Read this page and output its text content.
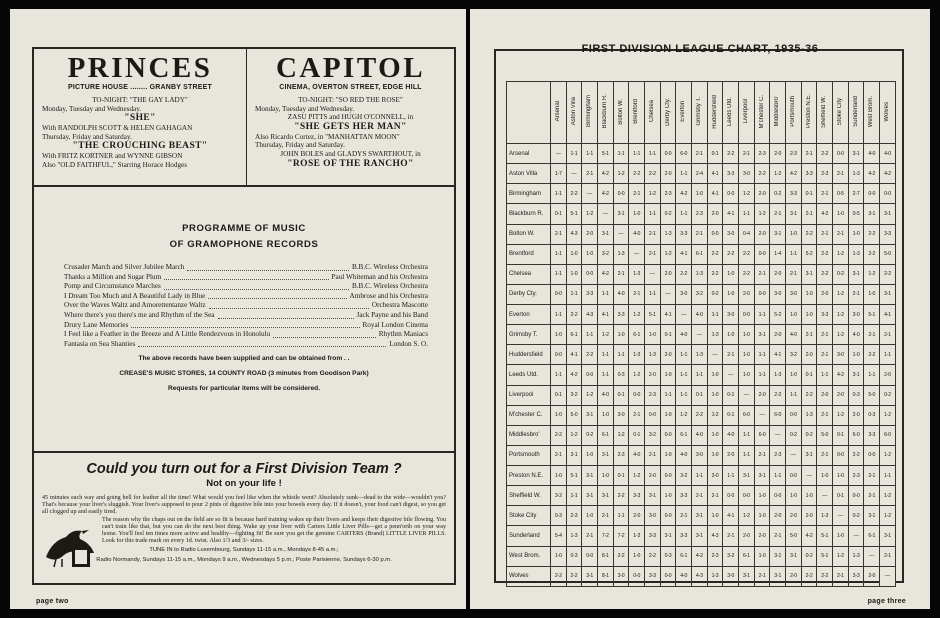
PRINCES
PICTURE HOUSE ........ GRANBY STREET
TO-NIGHT: "THE GAY LADY"
Monday, Tuesday and Wednesday.
"SHE"
With RANDOLPH SCOTT & HELEN GAHAGAN
Thursday, Friday and Saturday.
"THE CROUCHING BEAST"
With FRITZ KORTNER and WYNNE GIBSON
Also "OLD FAITHFUL," Starring Horace Hodges
CAPITOL
CINEMA, OVERTON STREET, EDGE HILL
TO-NIGHT: "SO RED THE ROSE"
Monday, Tuesday and Wednesday.
ZASU PITTS and HUGH O'CONNELL, in
"SHE GETS HER MAN"
Also Ricardo Cortez, in "MANHATTAN MOON"
Thursday, Friday and Saturday.
JOHN BOLES and GLADYS SWARTHOUT, in
"ROSE OF THE RANCHO"
PROGRAMME OF MUSIC
OF GRAMOPHONE RECORDS
Crusader March and Silver Jubilee March	B.B.C. Wireless Orchestra
Thanks a Million and Sugar Plum	Paul Whiteman and his Orchestra
Pomp and Circumstance Marches	B.B.C. Wireless Orchestra
I Dream Too Much and A Beautiful Lady in Blue	Ambrose and his Orchestra
Over the Waves Waltz and Amorettentanze Waltz	Orchestra Mascotte
Where there's you there's me and Rhythm of the Sea	Jack Payne and his Band
Drury Lane Memories	Royal London Cinema
I Feel like a Feather in the Breeze and A Little Rendezvous in Honolulu	Rhythm Maniacs
Fantasia on Sea Shanties	London S. O.
The above records have been supplied and can be obtained from . .
CREASE'S MUSIC STORES, 14 COUNTY ROAD (3 minutes from Goodison Park)
Requests for particular items will be considered.
Could you turn out for a First Division Team ?
Not on your life !
45 minutes each way and going hell for leather all the time! What would you feel like when the whistle went? Absolutely sunk—dead to the wide—wouldn't you? That's because your liver's sluggish. Your liver's supposed to pour 2 pints of digestive bile into your bowels every day. If it doesn't, your food can't digest, so you get all clogged up and easily tired.
The reason why the chaps out on the field are so fit is because hard training wakes up their livers and keeps their digestive bile flowing. You can't train like that, but you can do the next best thing. Wake up your liver with Carters Little Liver Pills—get a penn'orth on your way home. You'll feel ten times more active and healthy—fighting fit! Be sure you get the genuine CARTERS (Brand) LITTLE LIVER PILLS. Look for this trade mark on every 1d. twist. Also 1/3 and 3/- sizes.
TUNE IN to Radio Luxembourg, Sundays 11-15 a.m., Mondays 8-45 a.m.;
Radio Normandy, Sundays 11-15 a.m., Mondays 9 a.m., Wednesdays 5 p.m.; Poste Parisienne, Sundays 6-30 p.m.
page two
FIRST DIVISION LEAGUE CHART, 1935-36
	Arsenal	Aston Villa	Birmingham	Blackburn R.	Bolton W.	Brentford	Chelsea	Derby Cty.	Everton	Grimsby T.	Huddersfield	Leeds Utd.	Liverpool	M'chester C.	Middlesbro'	Portsmouth	Preston N.E.	Sheffield W.	Stoke City	Sunderland	West Brom.	Wolves
Arsenal	—	1-1	1-1	5-1	1-1	1-1	1-1	0-0	6-0	2-1	0-1	2-2	2-1	2-3	2-0	2-3	2-1	2-2	0-0	3-1	4-0	4-0
Aston Villa	1-7	—	2-1	4-2	1-2	2-2	2-2	2-0	1-1	2-4	4-1	3-3	3-0	2-2	1-2	4-2	3-3	2-3	2-1	1-3	4-2	4-2
Birmingham	1-1	2-2	—	4-2	0-0	2-1	1-2	2-3	4-2	1-0	4-1	0-0	1-2	2-0	0-2	3-3	0-1	2-1	0-5	2-7	0-0	0-0
Blackburn R.	0-1	5-1	1-2	—	3-1	1-0	1-1	0-2	1-1	2-3	2-0	4-1	1-1	1-2	2-1	3-1	2-1	4-2	1-0	0-5	3-1	3-1
Bolton W.	2-1	4-3	2-0	3-1	—	4-0	2-1	1-3	3-3	2-1	0-0	3-0	0-4	2-0	3-1	1-0	2-2	2-1	2-1	1-0	2-2	3-3
Brentford	1-1	1-0	1-0	3-2	1-3	—	2-1	1-2	4-1	6-1	2-2	2-2	2-2	0-0	1-4	1-1	5-2	2-2	1-2	1-3	2-2	5-0
Chelsea	1-1	1-0	0-0	4-2	2-1	1-3	—	2-0	2-2	1-3	2-2	1-0	2-2	2-1	2-0	2-1	3-1	2-2	0-2	3-1	1-2	2-2
Derby Cty.	0-0	1-1	3-3	1-1	4-0	2-1	1-1	—	3-0	3-2	0-2	1-0	2-0	0-0	3-0	3-0	1-0	2-0	1-2	2-1	1-0	3-1
Everton	1-1	2-2	4-3	4-1	3-3	1-2	5-1	4-1	—	4-0	1-1	3-0	0-0	1-1	5-2	1-0	1-0	3-3	1-2	3-0	5-1	4-1
Grimsby T.	1-0	6-1	1-1	1-2	1-0	6-1	1-0	0-1	4-0	—	1-3	1-0	1-0	3-1	2-0	4-0	2-1	2-1	1-2	4-0	2-1	2-1
Huddersfield	0-0	4-1	2-2	1-1	1-1	1-3	1-3	2-0	1-1	1-3	—	2-1	1-0	1-1	4-1	3-2	2-0	2-1	3-0	1-0	2-2	1-1
Leeds Utd.	1-1	4-2	0-0	1-1	0-3	1-2	2-0	1-0	1-1	1-1	1-0	—	1-0	1-1	1-3	1-0	0-1	1-1	4-2	3-1	1-1	2-0
Liverpool	0-1	3-2	1-2	4-0	0-1	0-0	2-3	1-1	1-1	0-1	1-0	0-1	—	2-0	2-2	1-1	2-2	2-0	2-0	0-3	5-0	0-2
M'chester C.	1-0	5-0	3-1	1-0	3-0	2-1	0-0	1-0	1-2	2-2	1-2	0-1	6-0	—	6-0	0-0	1-3	2-1	1-2	2-0	0-3	1-2
Middlesbro'	2-2	1-2	0-2	6-1	1-2	0-1	3-2	0-0	6-1	4-0	1-0	4-0	1-1	6-0	—	0-2	0-2	5-0	0-1	6-0	3-3	6-0
Portsmouth	2-1	3-1	1-0	3-1	2-3	4-0	2-1	1-0	4-0	3-0	1-0	2-0	1-1	2-1	2-3	—	3-1	2-1	0-0	2-2	0-0	1-2
Preston N.E.	1-0	5-1	3-1	1-0	0-1	1-2	2-0	0-0	3-2	1-1	3-0	1-1	3-1	3-1	1-1	0-0	—	1-0	1-0	2-3	2-1	1-1
Sheffield W.	3-2	1-1	3-1	3-1	2-2	3-3	3-1	1-0	3-3	2-1	2-1	0-0	0-0	1-0	0-0	1-0	1-0	—	0-1	0-0	2-1	1-2
Stoke City	0-3	2-3	1-0	2-1	1-1	2-0	3-0	0-0	2-1	3-1	1-0	4-1	1-2	1-0	2-0	2-0	2-0	1-3	—	0-2	3-1	1-2
Sunderland	5-4	1-3	2-1	7-2	7-2	1-3	3-3	3-1	3-3	3-1	4-3	2-1	2-0	2-0	2-1	5-0	4-2	5-1	1-0	—	6-1	3-1
West Brom.	1-0	0-3	0-0	8-1	2-2	1-0	2-2	0-3	6-1	4-2	2-3	3-2	6-1	1-0	3-1	3-1	0-2	5-1	1-2	1-3	—	2-1
Wolves	2-2	2-2	3-1	8-1	3-0	0-0	3-3	0-0	4-0	4-3	1-3	3-0	3-1	2-1	3-1	2-0	2-2	2-2	2-1	3-3	2-0	—
page three
